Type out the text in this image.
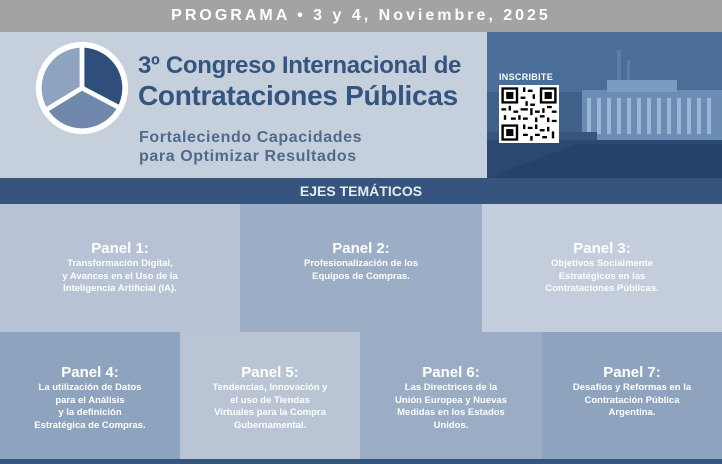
PROGRAMA • 3 y 4, Noviembre, 2025
3º Congreso Internacional de
Contrataciones Públicas
Fortaleciendo Capacidades
para Optimizar Resultados
INSCRIBITE
EJES TEMÁTICOS
Panel 1:
Transformación Digital,
y Avances en el Uso de la
Inteligencia Artificial (IA).
Panel 2:
Profesionalización de los
Equipos de Compras.
Panel 3:
Objetivos Socialmente
Estratégicos en las
Contrataciones Públicas.
Panel 4:
La utilización de Datos
para el Análisis
y la definición
Estratégica de Compras.
Panel 5:
Tendencias, Innovación y
el uso de Tiendas
Virtuales para la Compra
Gubernamental.
Panel 6:
Las Directrices de la
Unión Europea y Nuevas
Medidas en los Estados
Unidos.
Panel 7:
Desafíos y Reformas en la
Contratación Pública
Argentina.
